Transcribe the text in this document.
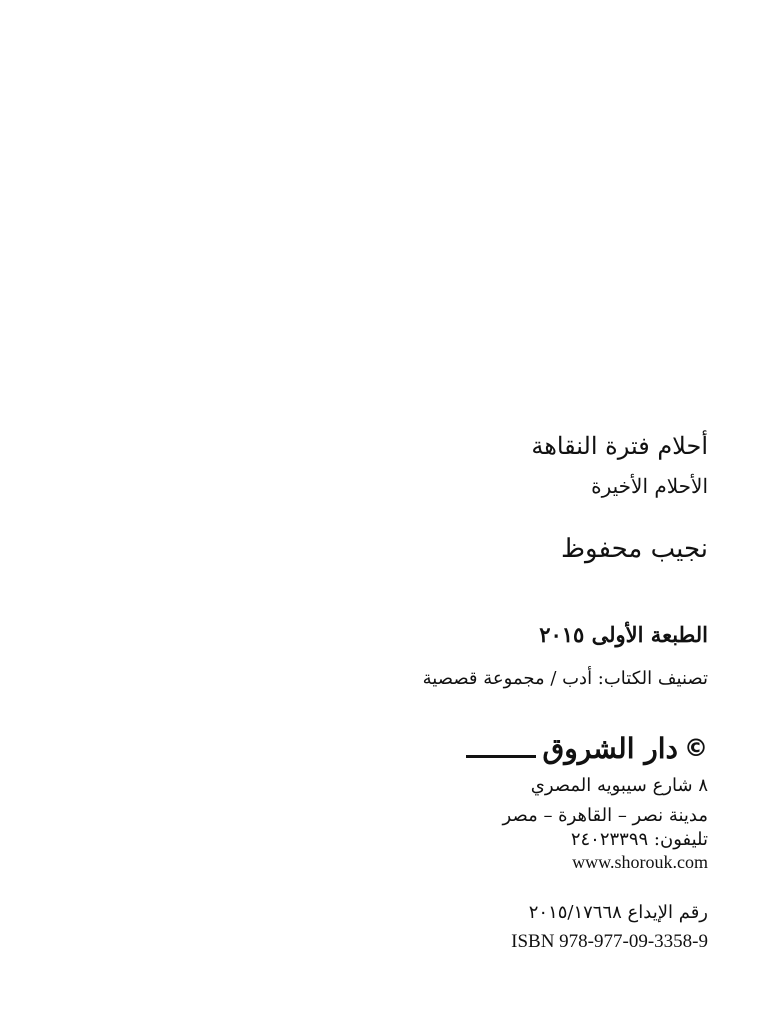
أحلام فترة النقاهة
الأحلام الأخيرة
نجيب محفوظ
الطبعة الأولى ٢٠١٥
تصنيف الكتاب: أدب / مجموعة قصصية
©
دار الشروق
٨ شارع سيبويه المصري
مدينة نصر – القاهرة – مصر
تليفون: ٢٤٠٢٣٣٩٩
www.shorouk.com
رقم الإيداع ٢٠١٥/١٧٦٦٨
ISBN 978-977-09-3358-9
